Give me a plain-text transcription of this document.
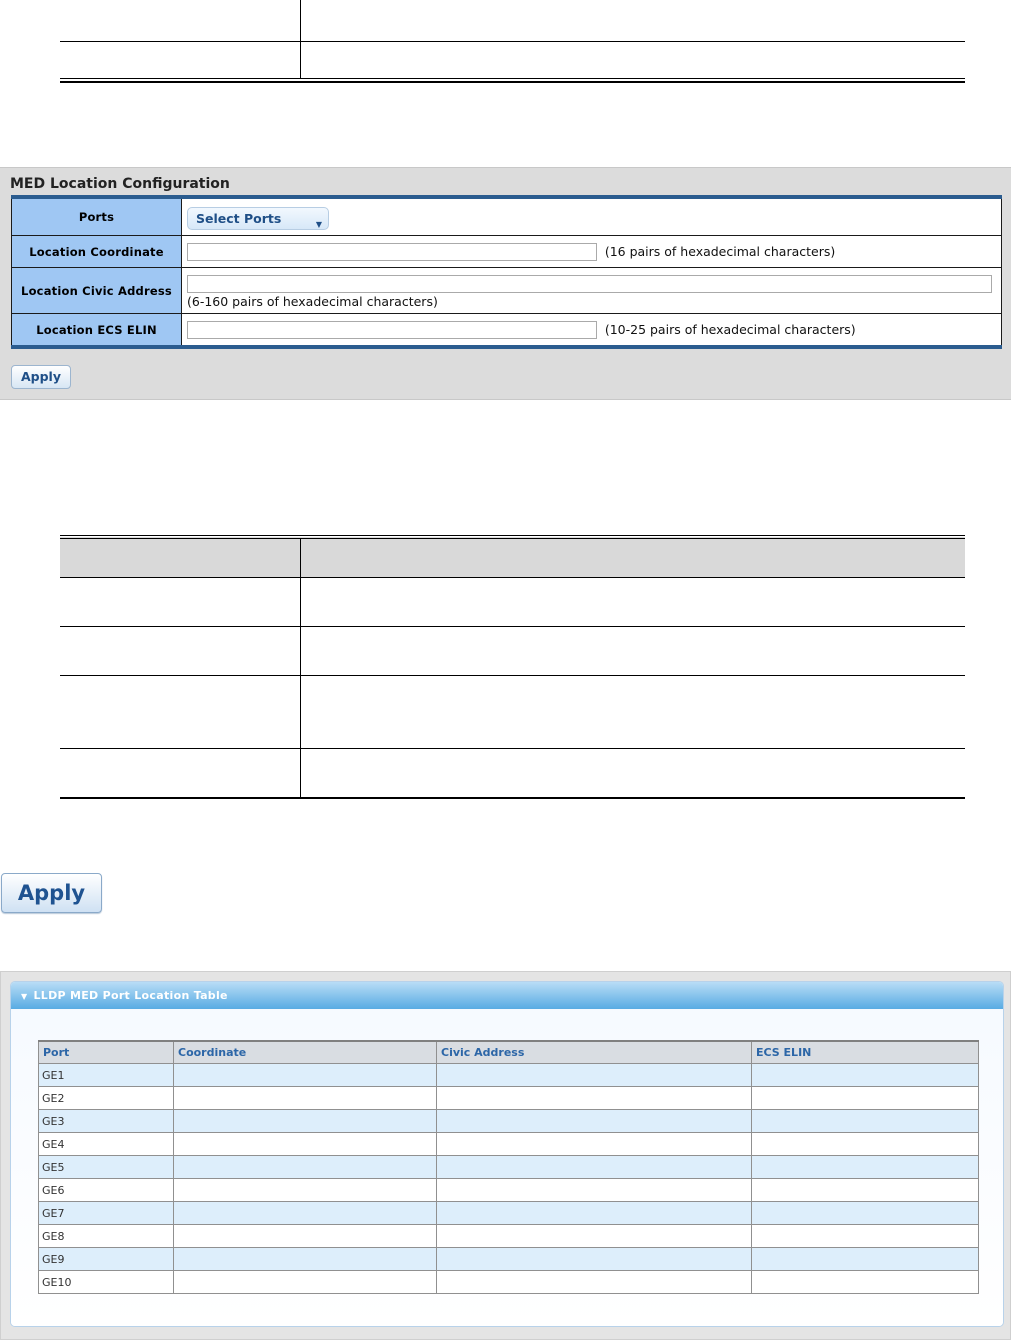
MED Location Configuration
Ports	Select Ports ▼

Location Coordinate	(16 pairs of hexadecimal characters)
Location Civic Address	(6-160 pairs of hexadecimal characters)

Location ECS ELIN	(10-25 pairs of hexadecimal characters)
Apply

Apply
▼ LLDP MED Port Location Table
Port	Coordinate	Civic Address	ECS ELIN
GE1			
GE2			
GE3			
GE4			
GE5			
GE6			
GE7			
GE8			
GE9			
GE10			
